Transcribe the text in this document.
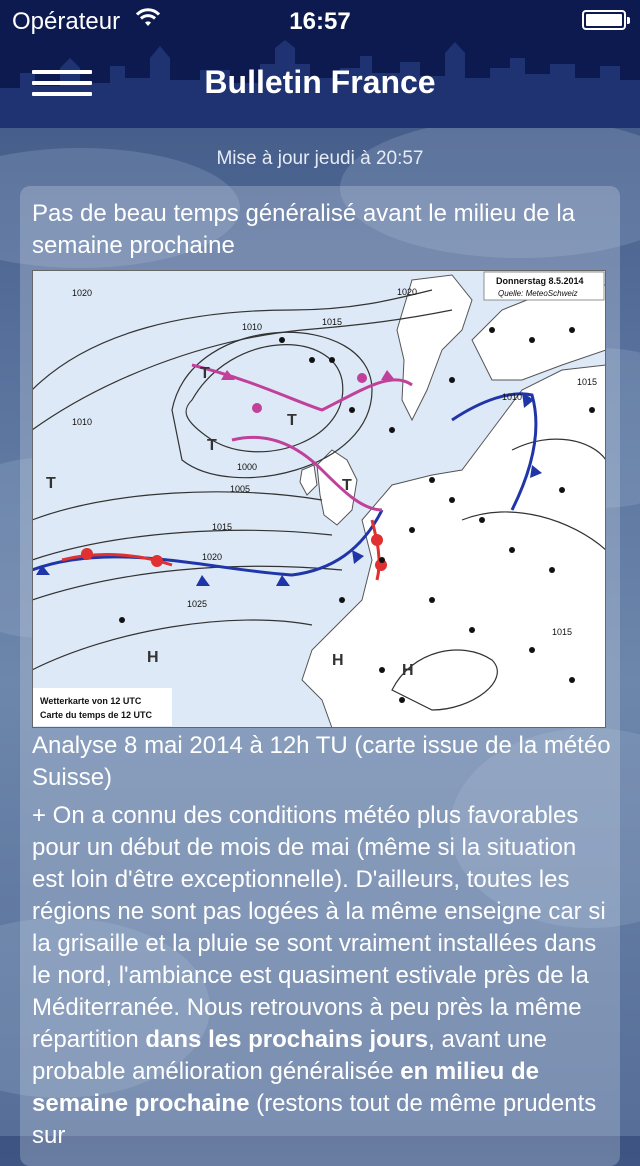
Opérateur	16:57
Bulletin France
Mise à jour jeudi à 20:57
Pas de beau temps généralisé avant le milieu de la semaine prochaine
1020
1015
1010
1010
1005
1000
1015
1020
1025
1015
1020
1015
1010
T
T
T
T
H	H
T
H
Donnerstag 8.5.2014
Quelle: MeteoSchweiz
Wetterkarte von 12 UTC
Carte du temps de 12 UTC
Analyse 8 mai 2014 à 12h TU (carte issue de la météo Suisse)
+ On a connu des conditions météo plus favorables pour un début de mois de mai (même si la situation est loin d'être exceptionnelle). D'ailleurs, toutes les régions ne sont pas logées à la même enseigne car si la grisaille et la pluie se sont vraiment installées dans le nord, l'ambiance est quasiment estivale près de la Méditerranée. Nous retrouvons à peu près la même répartition dans les prochains jours, avant une probable amélioration généralisée en milieu de semaine prochaine (restons tout de même prudents sur
